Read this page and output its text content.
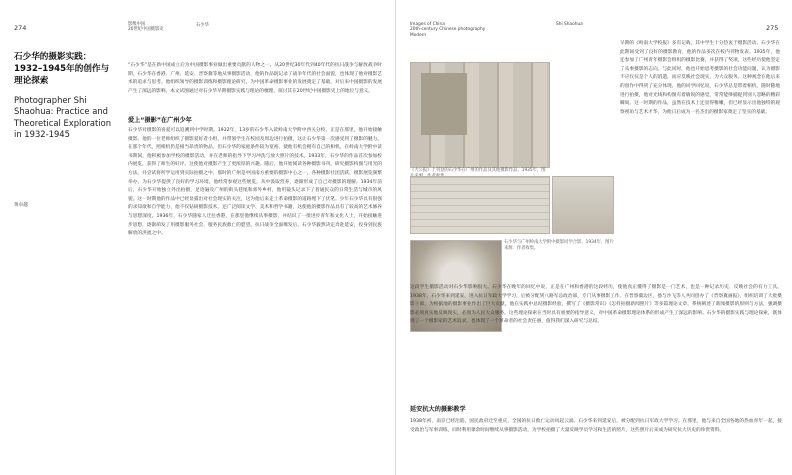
274	影像中国
20世纪中国摄影史
石少华
石少华的摄影实践：1932–1945年的创作与理论探索
Photographer Shi Shaohua: Practice and Theoretical Exploration in 1932-1945
黄卓越

“石少华”是在新中国成立后为中国摄影事业做出重要贡献的人物之一。从20世纪30年代到40年代的抗日战争与解放战争时期，石少华在香港、广州、延安、晋察冀等地从事摄影活动，他的作品既记录了战争年代的社会面貌，也体现了他对摄影艺术的追求与思考。他组织领导的摄影训练和摄影理论研究，为中国革命摄影事业的发展奠定了基础，对后来中国摄影的发展产生了深远的影响。本文试图通过对石少华早期摄影实践与理论的梳理，探讨其在20世纪中国摄影史上的地位与意义。

爱上“摄影”在广州少年

石少华对摄影的喜爱可以追溯到中学时期。1932年，13岁的石少华入读岭南大学附中西关分校，正是在那里，他开始接触摄影。他的一位老师组织了摄影爱好者小组，并带领学生在校园及周边进行拍摄，这让石少华第一次感受到了摄影的魅力。在那个年代，照相机仍是相当昂贵的物品，但石少华的家庭条件较为宽裕，使他有机会拥有自己的相机。在岭南大学附中读书期间，他积极参加学校的摄影活动，并在老师的指导下学习冲洗与放大照片的技术。1933年，石少华的作品首次参加校内展览，获得了师生的好评。这使他对摄影产生了更浓厚的兴趣。随后，他开始阅读各种摄影书刊，研究摄影构图与用光的方法，并尝试将所学运用到实际拍摄之中。那时的广州是中国南方重要的摄影中心之一，各种摄影社团活跃，摄影展览频繁举办，为石少华提供了良好的学习环境。他经常参观这些展览，从中汲取营养，逐渐形成了自己对摄影的理解。1934年前后，石少华开始独立外出拍摄，足迹遍及广州的街头巷尾和郊外乡村，他用镜头记录下了普通民众的日常生活与城市的风貌。这一时期他的作品中已经显露出对社会现实的关注，这为他后来走上革命摄影的道路埋下了伏笔。少年石少华具有很强的求知欲和自学能力，他不仅钻研摄影技术，还广泛阅读文学、美术和哲学书籍，这使他的摄影作品具有了较高的艺术修养与思想深度。1936年，石少华随家人迁往香港，在那里他继续从事摄影，并结识了一批进步青年和文化人士，开始接触进步思想，逐渐萌发了用摄影服务社会、服务民族救亡的愿望。抗日战争全面爆发后，石少华毅然决定奔赴延安，投身到民族解放的洪流之中。

Images of China
20th-century Chinese photography
Modern
Shi Shaohua	275
《大公报》上刊登的石少华在广州的作品及其他摄影作品，1935年，图
石少华与广州岭南大学附中摄影同学合影，1934年，图片来源：作者收集。

早期的《岭南大学校报》多有记载，其中学生十分热衷于摄影活动。石少华在此期间受到了良好的摄影教育，他的作品多次在校内刊物发表。1935年，他还参加了广州青年摄影会组织的摄影比赛，并获得了奖项。这些经历使他坚定了从事摄影的志向。与此同时，他也开始思考摄影的社会功能问题，认为摄影不应仅仅是个人的消遣，而应反映社会现实，为大众服务。这种观念在他后来的创作中得到了充分体现。他的同学回忆说，石少华总是带着相机，随时随地进行拍摄，他对光线和构图有着敏锐的感觉，常常能够捕捉到别人忽略的精彩瞬间。这一时期的作品，虽然在技术上还显得稚嫩，但已经显示出他独特的观察视角与艺术才华，为他日后成为一名杰出的摄影家奠定了坚实的基础。

这段学生摄影活动对石少华影响很大。石少华在晚年的回忆中说，正是在广州和香港的这段经历，使他真正懂得了摄影是一门艺术，也是一种记录历史、反映社会的有力工具。1938年，石少华来到延安，进入抗日军政大学学习，后被分配到八路军总政治部，专门从事摄影工作。在晋察冀边区，他与沙飞等人共同创办了《晋察冀画报》，组织培训了大批摄影干部，为根据地的摄影事业作出了巨大贡献。他在实践中总结摄影经验，撰写了《摄影常识》《怎样拍摄新闻照片》等多篇理论文章，系统阐述了新闻摄影的原则与方法，强调摄影必须真实地反映现实，必须为人民大众服务。这些理论探索在当时具有重要的指导意义，对中国革命摄影理论体系的形成产生了深远的影响。石少华的摄影实践与理论探索，既体现了一个摄影家的艺术追求，也体现了一个革命者的社会责任感，值得我们深入研究与总结。

延安抗大的摄影教学

1938年初，南京已经沦陷，国民政府迁至重庆，全国的抗日救亡运动风起云涌。石少华来到延安后，被分配到抗日军政大学学习。在那里，他与来自全国各地的热血青年一起，接受政治与军事训练，同时利用课余时间继续从事摄影活动，为学校拍摄了大量反映学员学习和生活的照片，这些照片后来成为研究抗大历史的珍贵资料。
